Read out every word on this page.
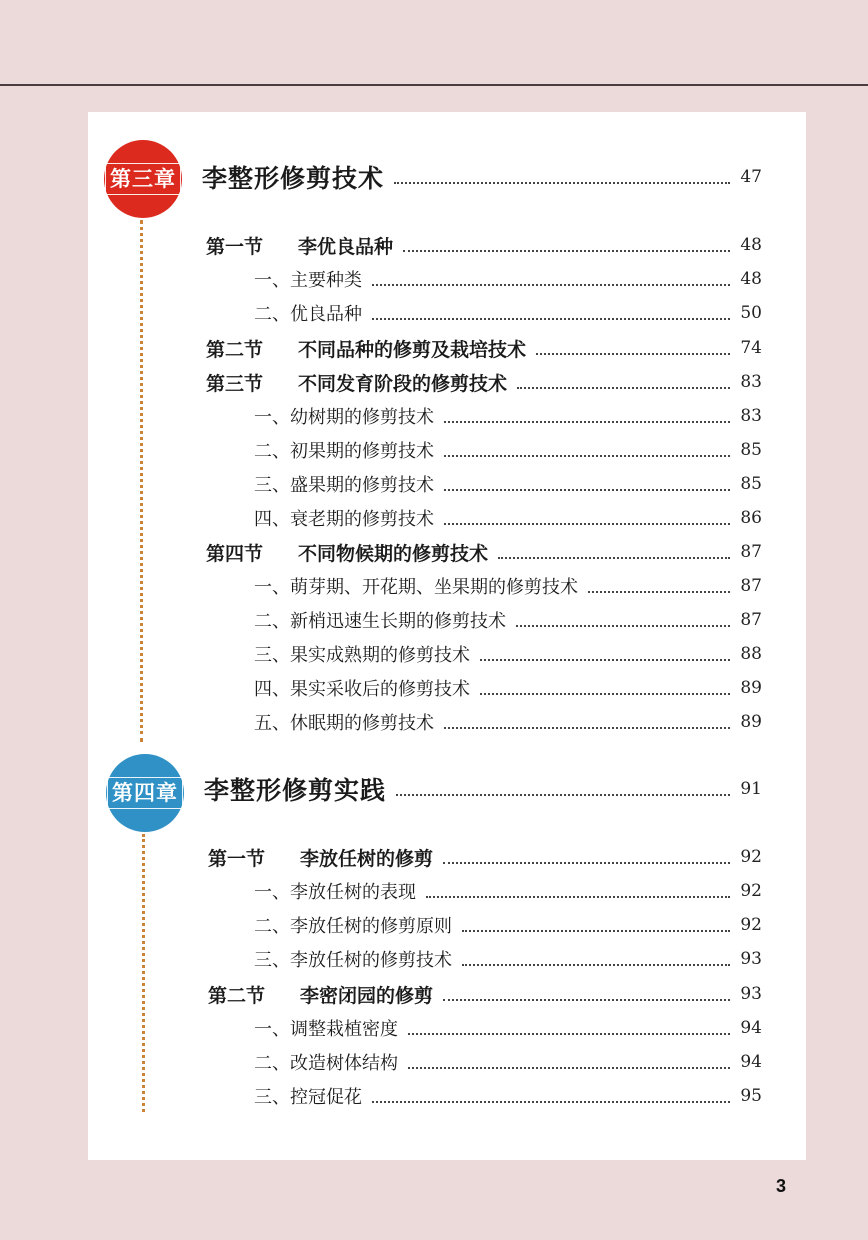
第三章 李整形修剪技术	47
第一节 李优良品种	48
一、主要种类	48
二、优良品种	50
第二节 不同品种的修剪及栽培技术	74
第三节 不同发育阶段的修剪技术	83
一、幼树期的修剪技术	83
二、初果期的修剪技术	85
三、盛果期的修剪技术	85
四、衰老期的修剪技术	86
第四节 不同物候期的修剪技术	87
一、萌芽期、开花期、坐果期的修剪技术	87
二、新梢迅速生长期的修剪技术	87
三、果实成熟期的修剪技术	88
四、果实采收后的修剪技术	89
五、休眠期的修剪技术	89
第四章 李整形修剪实践	91
第一节 李放任树的修剪	92
一、李放任树的表现	92
二、李放任树的修剪原则	92
三、李放任树的修剪技术	93
第二节 李密闭园的修剪	93
一、调整栽植密度	94
二、改造树体结构	94
三、控冠促花	95
3
